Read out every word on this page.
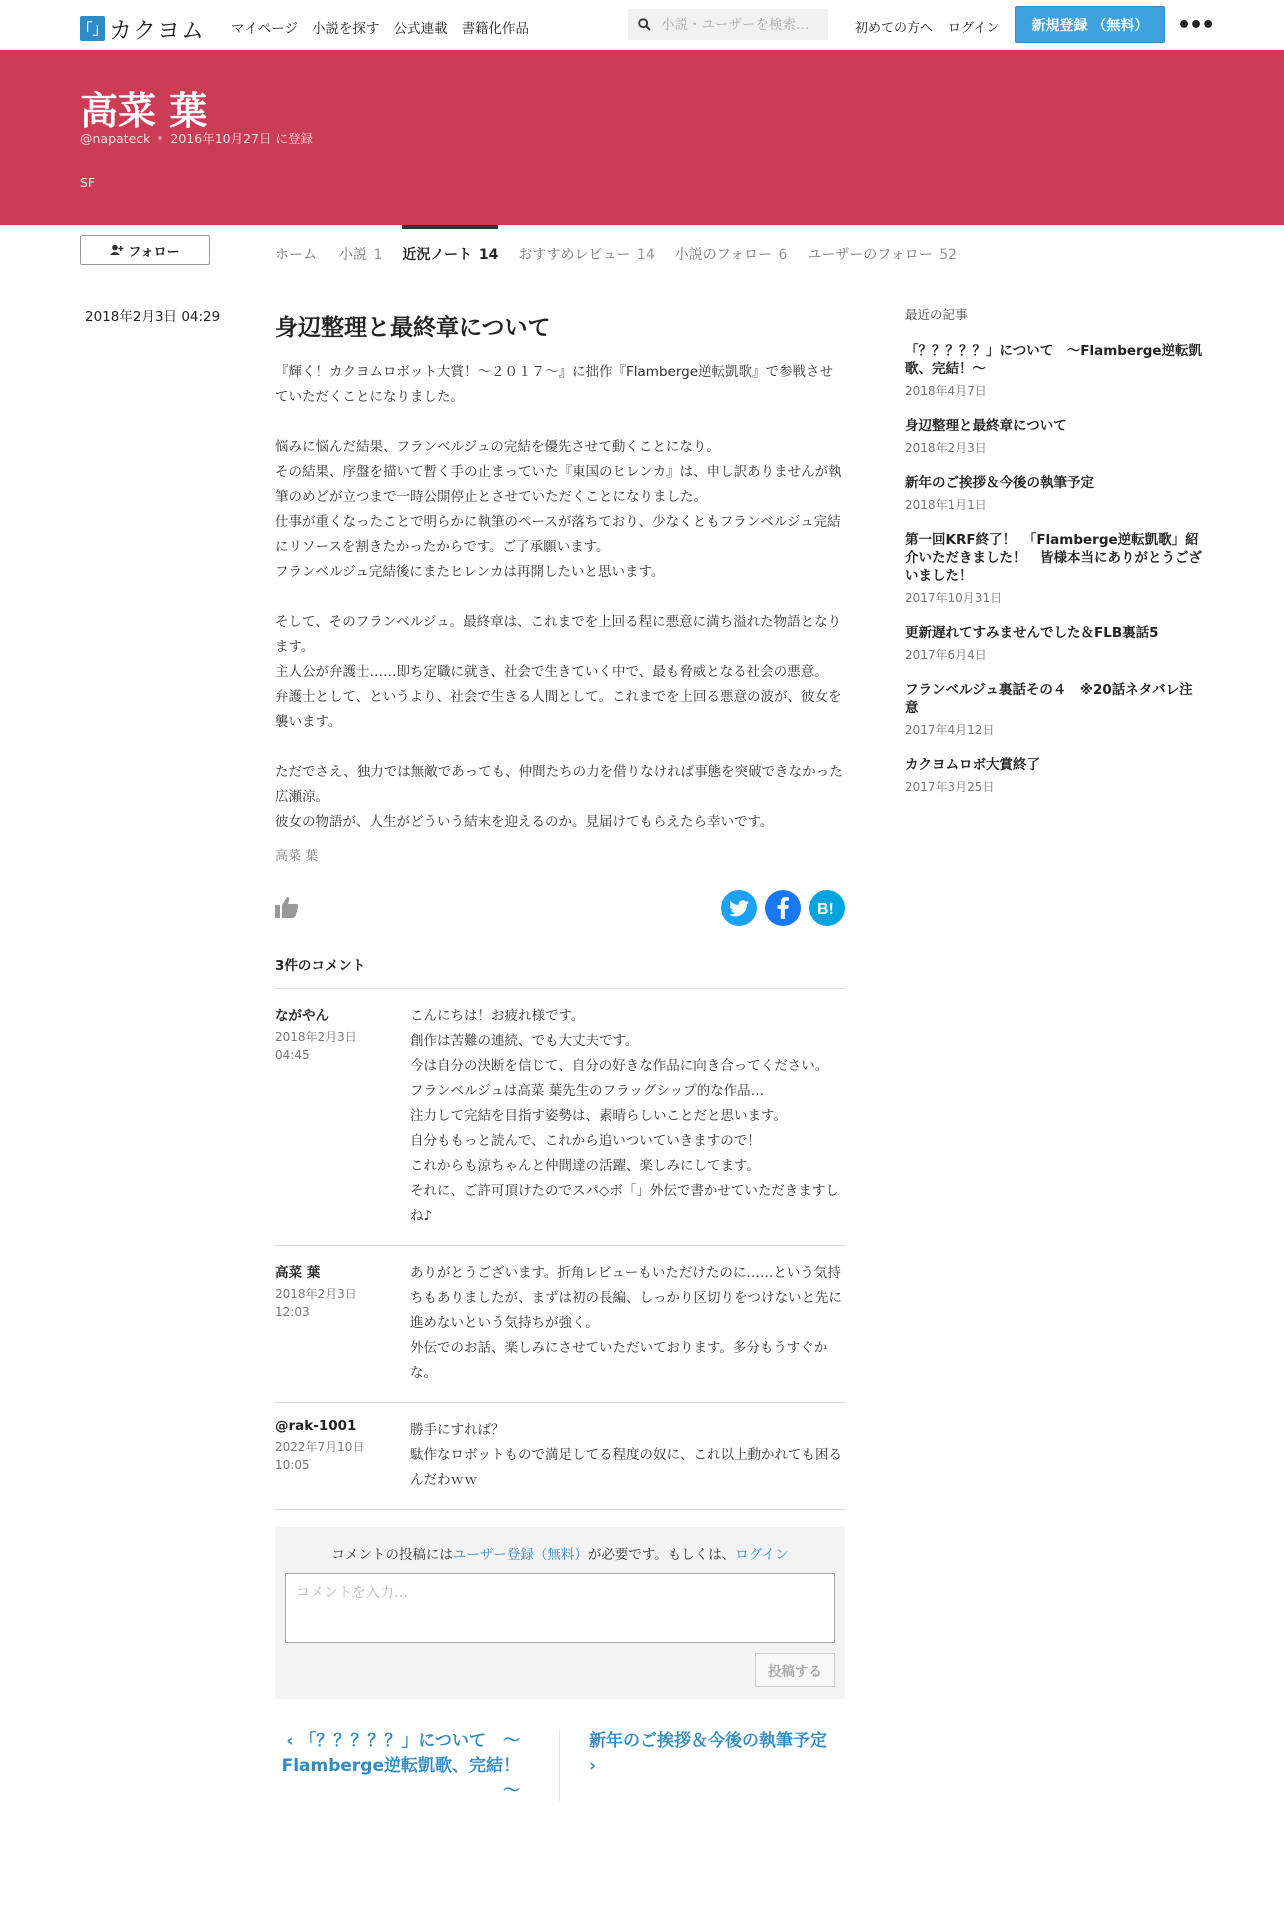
「」 カクヨム マイページ 小説を探す 公式連載 書籍化作品
小説・ユーザーを検索…	初めての方へ ログイン	新規登録 （無料）	•••
高菜 葉
@napateck 2016年10月27日 に登録
SF
フォロー	ホーム 小説 1 近況ノート 14 おすすめレビュー 14 小説のフォロー 6 ユーザーのフォロー 52
2018年2月3日 04:29 身辺整理と最終章について

『輝く！カクヨムロボット大賞！～２０１７～』に拙作『Flamberge逆転凱歌』で参戦させていただくことになりました。

悩みに悩んだ結果、フランベルジュの完結を優先させて動くことになり。

その結果、序盤を描いて暫く手の止まっていた『東国のヒレンカ』は、申し訳ありませんが執筆のめどが立つまで一時公開停止とさせていただくことになりました。

仕事が重くなったことで明らかに執筆のペースが落ちており、少なくともフランベルジュ完結にリソースを割きたかったからです。ご了承願います。

フランベルジュ完結後にまたヒレンカは再開したいと思います。

そして、そのフランベルジュ。最終章は、これまでを上回る程に悪意に満ち溢れた物語となります。

主人公が弁護士……即ち定職に就き、社会で生きていく中で、最も脅威となる社会の悪意。

弁護士として、というより、社会で生きる人間として。これまでを上回る悪意の波が、彼女を襲います。

ただでさえ、独力では無敵であっても、仲間たちの力を借りなければ事態を突破できなかった広瀬涼。

彼女の物語が、人生がどういう結末を迎えるのか。見届けてもらえたら幸いです。

高菜 葉
B!
3件のコメント
ながやん
2018年2月3日
04:45
こんにちは！お疲れ様です。
創作は苦難の連続、でも大丈夫です。
今は自分の決断を信じて、自分の好きな作品に向き合ってください。
フランベルジュは高菜 葉先生のフラッグシップ的な作品…
注力して完結を目指す姿勢は、素晴らしいことだと思います。
自分ももっと読んで、これから追いついていきますので！
これからも涼ちゃんと仲間達の活躍、楽しみにしてます。
それに、ご許可頂けたのでスパ◇ボ「」外伝で書かせていただきますしね♪
高菜 葉
2018年2月3日
12:03
ありがとうございます。折角レビューもいただけたのに……という気持ちもありましたが、まずは初の長編、しっかり区切りをつけないと先に進めないという気持ちが強く。
外伝でのお話、楽しみにさせていただいております。多分もうすぐかな。
@rak-1001
2022年7月10日
10:05
勝手にすれば？
駄作なロボットもので満足してる程度の奴に、これ以上動かれても困るんだわｗｗ
コメントの投稿にはユーザー登録（無料）が必要です。もしくは、ログイン
コメントを入力…
投稿する
‹ 「？？？？？」について　～Flamberge逆転凱歌、完結！～
新年のご挨拶＆今後の執筆予定 ›
最近の記事
「？？？？？」について　～Flamberge逆転凱歌、完結！～
2018年4月7日
身辺整理と最終章について
2018年2月3日
新年のご挨拶＆今後の執筆予定
2018年1月1日
第一回KRF終了！　「Flamberge逆転凱歌」紹介いただきました！　皆様本当にありがとうございました！
2017年10月31日
更新遅れてすみませんでした＆FLB裏話5
2017年6月4日
フランベルジュ裏話その４　※20話ネタバレ注意
2017年4月12日
カクヨムロボ大賞終了
2017年3月25日
